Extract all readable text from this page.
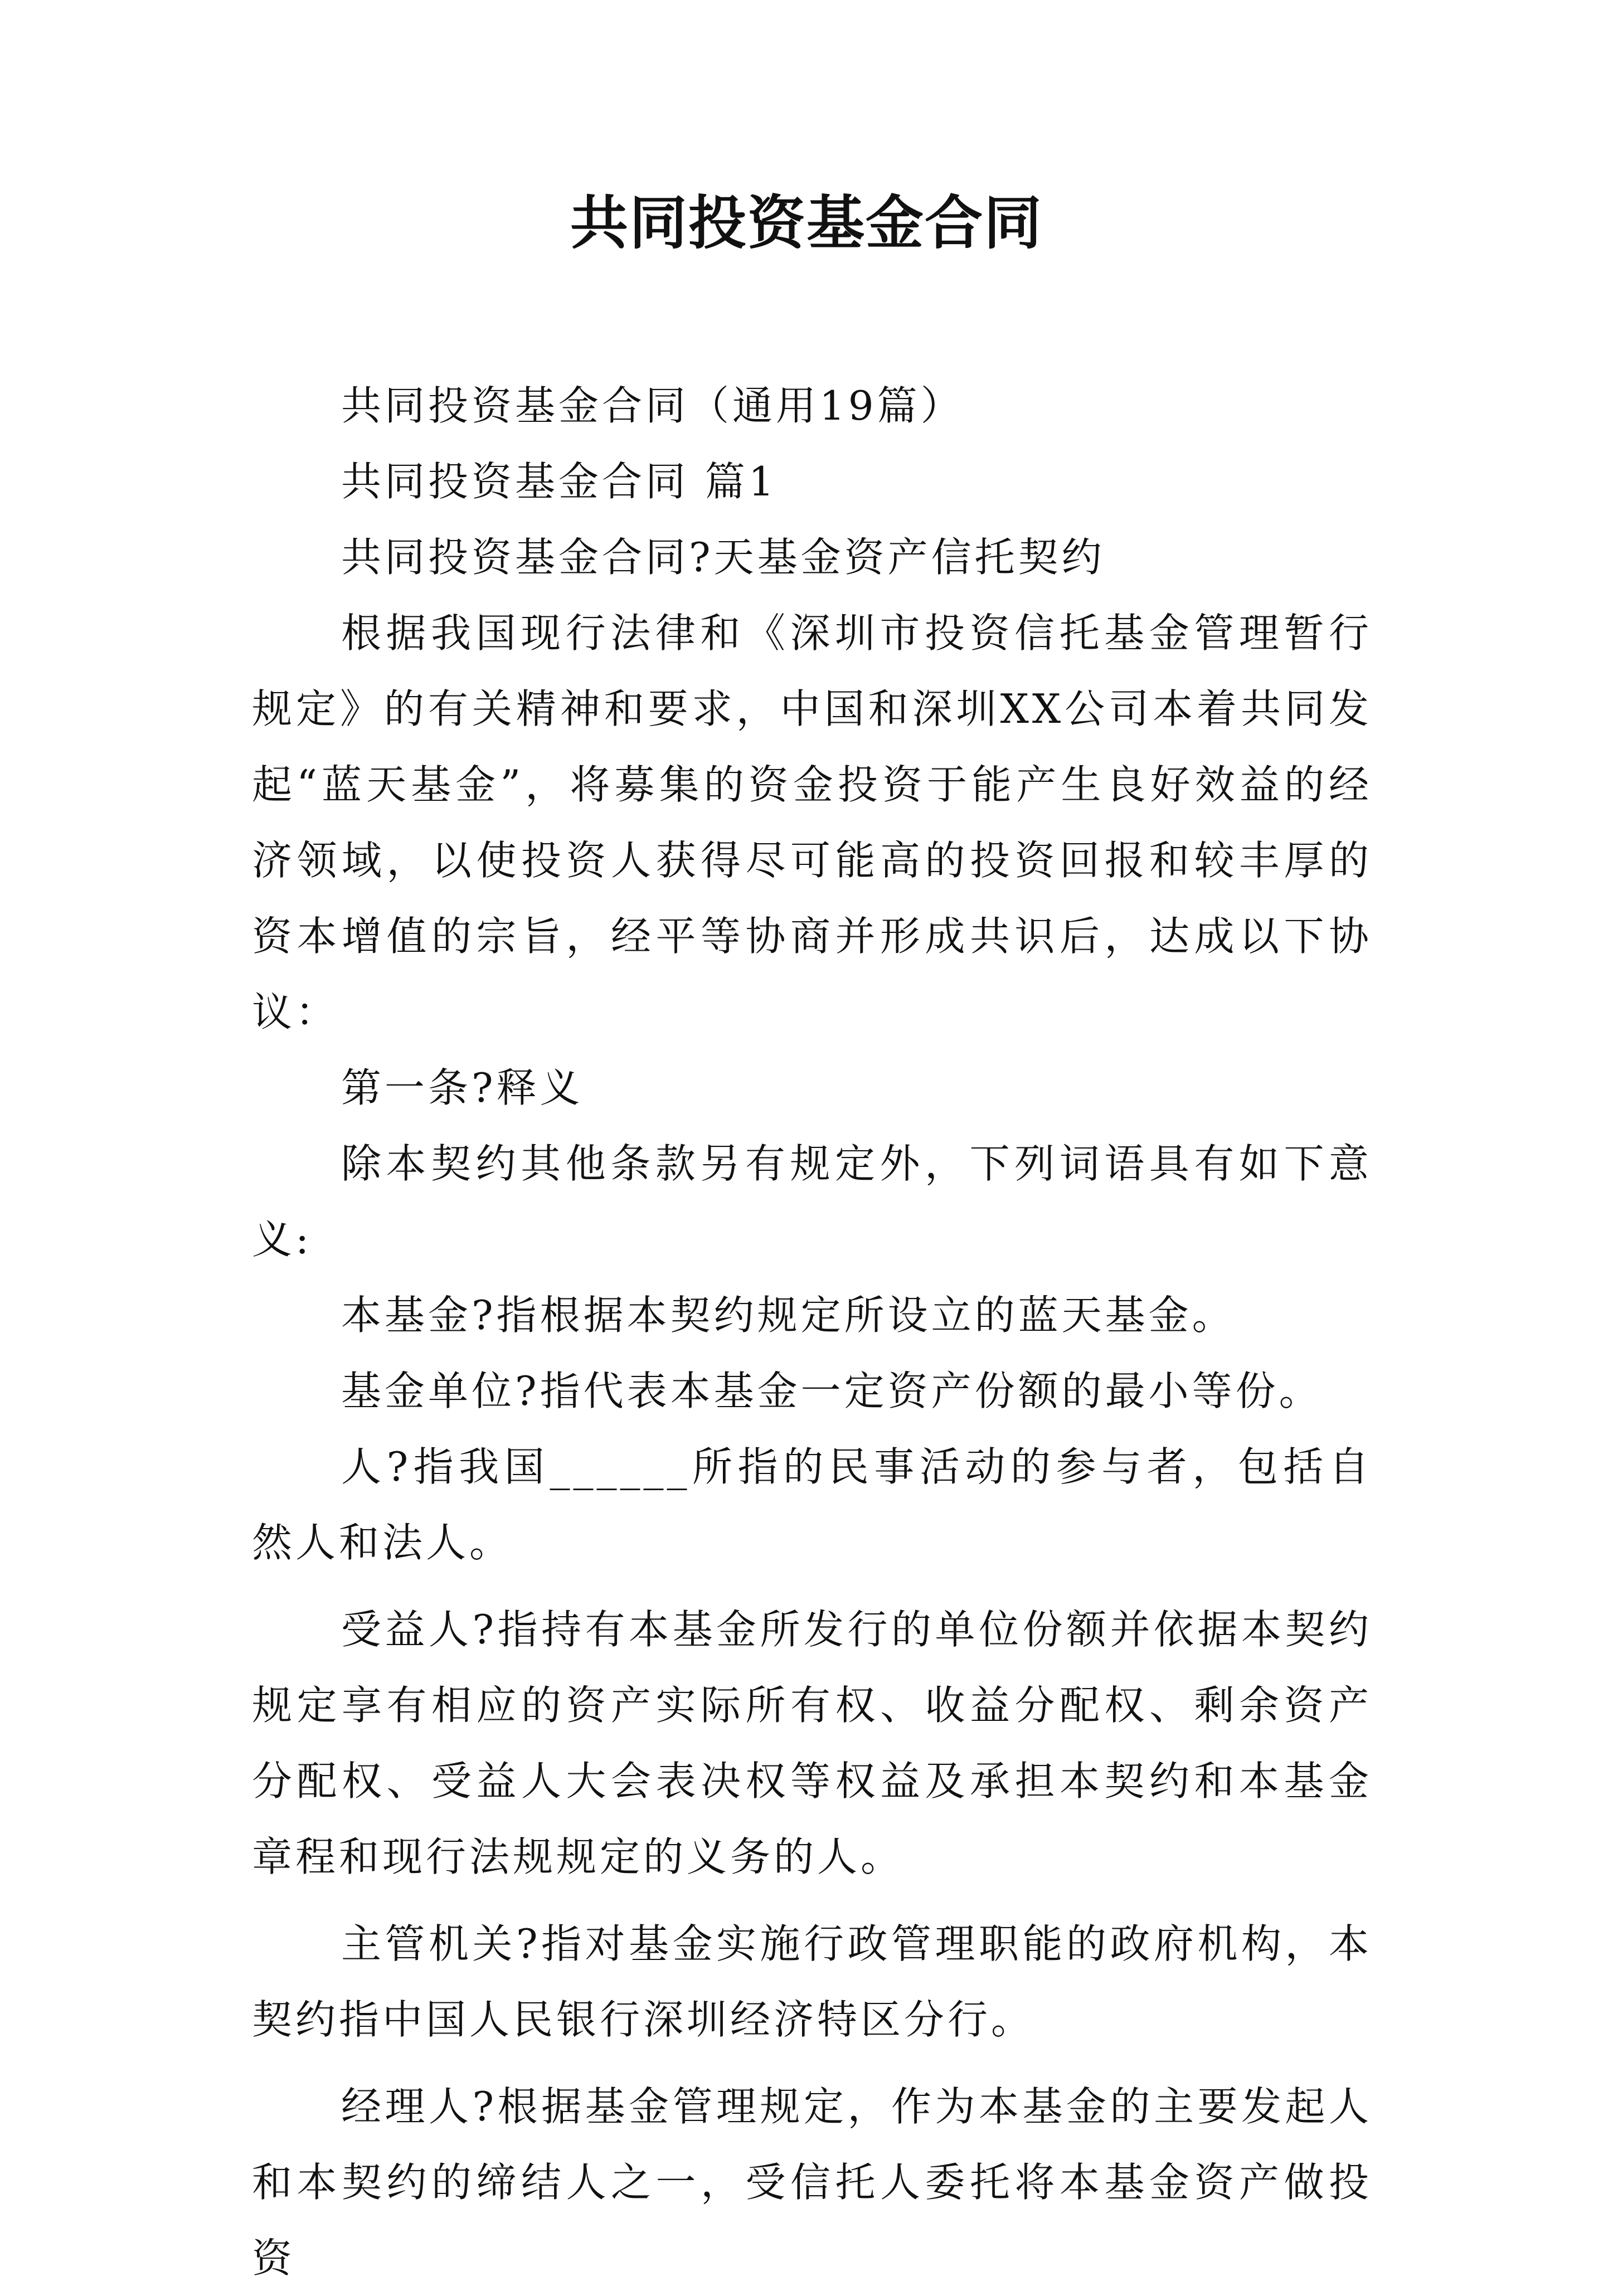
共同投资基金合同

共同投资基金合同（通用19篇）

共同投资基金合同 篇1

共同投资基金合同?天基金资产信托契约

根据我国现行法律和《深圳市投资信托基金管理暂行规定》的有关精神和要求，中国和深圳XX公司本着共同发起“蓝天基金”，将募集的资金投资于能产生良好效益的经济领域，以使投资人获得尽可能高的投资回报和较丰厚的资本增值的宗旨，经平等协商并形成共识后，达成以下协议：

第一条?释义

除本契约其他条款另有规定外，下列词语具有如下意义:

本基金?指根据本契约规定所设立的蓝天基金。

基金单位?指代表本基金一定资产份额的最小等份。

人?指我国______所指的民事活动的参与者，包括自然人和法人。

受益人?指持有本基金所发行的单位份额并依据本契约规定享有相应的资产实际所有权、收益分配权、剩余资产分配权、受益人大会表决权等权益及承担本契约和本基金章程和现行法规规定的义务的人。

主管机关?指对基金实施行政管理职能的政府机构，本契约指中国人民银行深圳经济特区分行。

经理人?根据基金管理规定，作为本基金的主要发起人和本契约的缔结人之一，受信托人委托将本基金资产做投资
